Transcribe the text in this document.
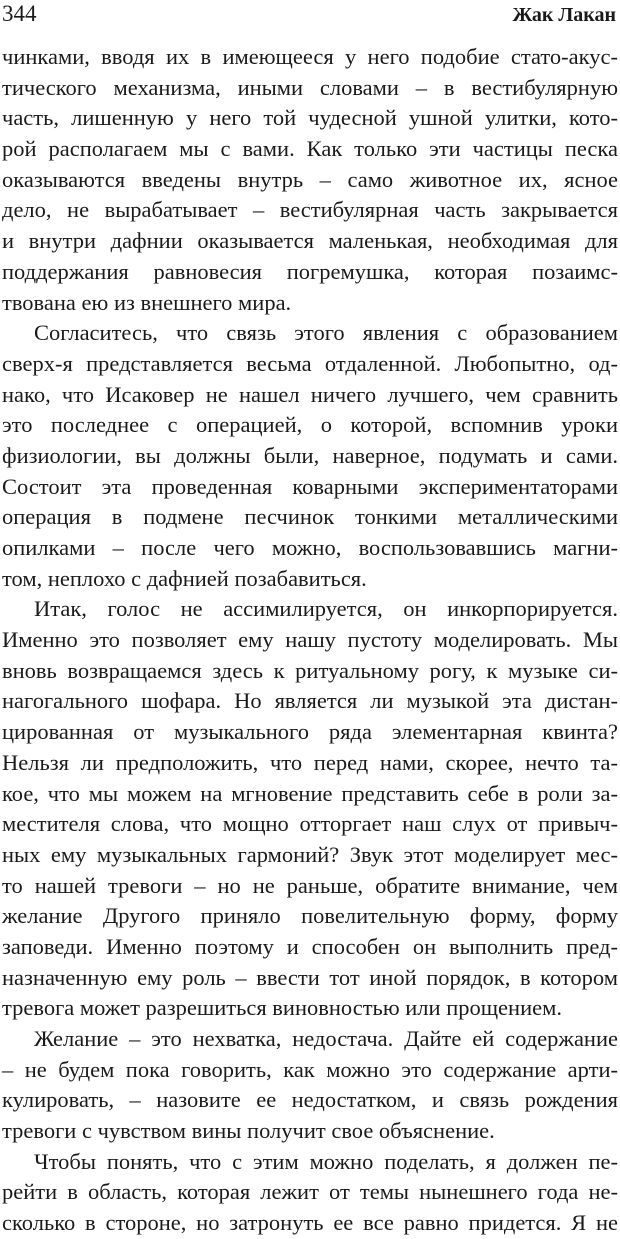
344	Жак Лакан
чинками, вводя их в имеющееся у него подобие стато-акус-
тического механизма, иными словами – в вестибулярную
часть, лишенную у него той чудесной ушной улитки, кото-
рой располагаем мы с вами. Как только эти частицы песка
оказываются введены внутрь – само животное их, ясное
дело, не вырабатывает – вестибулярная часть закрывается
и внутри дафнии оказывается маленькая, необходимая для
поддержания равновесия погремушка, которая позаимс-
твована ею из внешнего мира.
Согласитесь, что связь этого явления с образованием
сверх-я представляется весьма отдаленной. Любопытно, од-
нако, что Исаковер не нашел ничего лучшего, чем сравнить
это последнее с операцией, о которой, вспомнив уроки
физиологии, вы должны были, наверное, подумать и сами.
Состоит эта проведенная коварными экспериментаторами
операция в подмене песчинок тонкими металлическими
опилками – после чего можно, воспользовавшись магни-
том, неплохо с дафнией позабавиться.
Итак, голос не ассимилируется, он инкорпорируется.
Именно это позволяет ему нашу пустоту моделировать. Мы
вновь возвращаемся здесь к ритуальному рогу, к музыке си-
нагогального шофара. Но является ли музыкой эта дистан-
цированная от музыкального ряда элементарная квинта?
Нельзя ли предположить, что перед нами, скорее, нечто та-
кое, что мы можем на мгновение представить себе в роли за-
местителя слова, что мощно отторгает наш слух от привыч-
ных ему музыкальных гармоний? Звук этот моделирует мес-
то нашей тревоги – но не раньше, обратите внимание, чем
желание Другого приняло повелительную форму, форму
заповеди. Именно поэтому и способен он выполнить пред-
назначенную ему роль – ввести тот иной порядок, в котором
тревога может разрешиться виновностью или прощением.
Желание – это нехватка, недостача. Дайте ей содержание
– не будем пока говорить, как можно это содержание арти-
кулировать, – назовите ее недостатком, и связь рождения
тревоги с чувством вины получит свое объяснение.
Чтобы понять, что с этим можно поделать, я должен пе-
рейти в область, которая лежит от темы нынешнего года не-
сколько в стороне, но затронуть ее все равно придется. Я не
